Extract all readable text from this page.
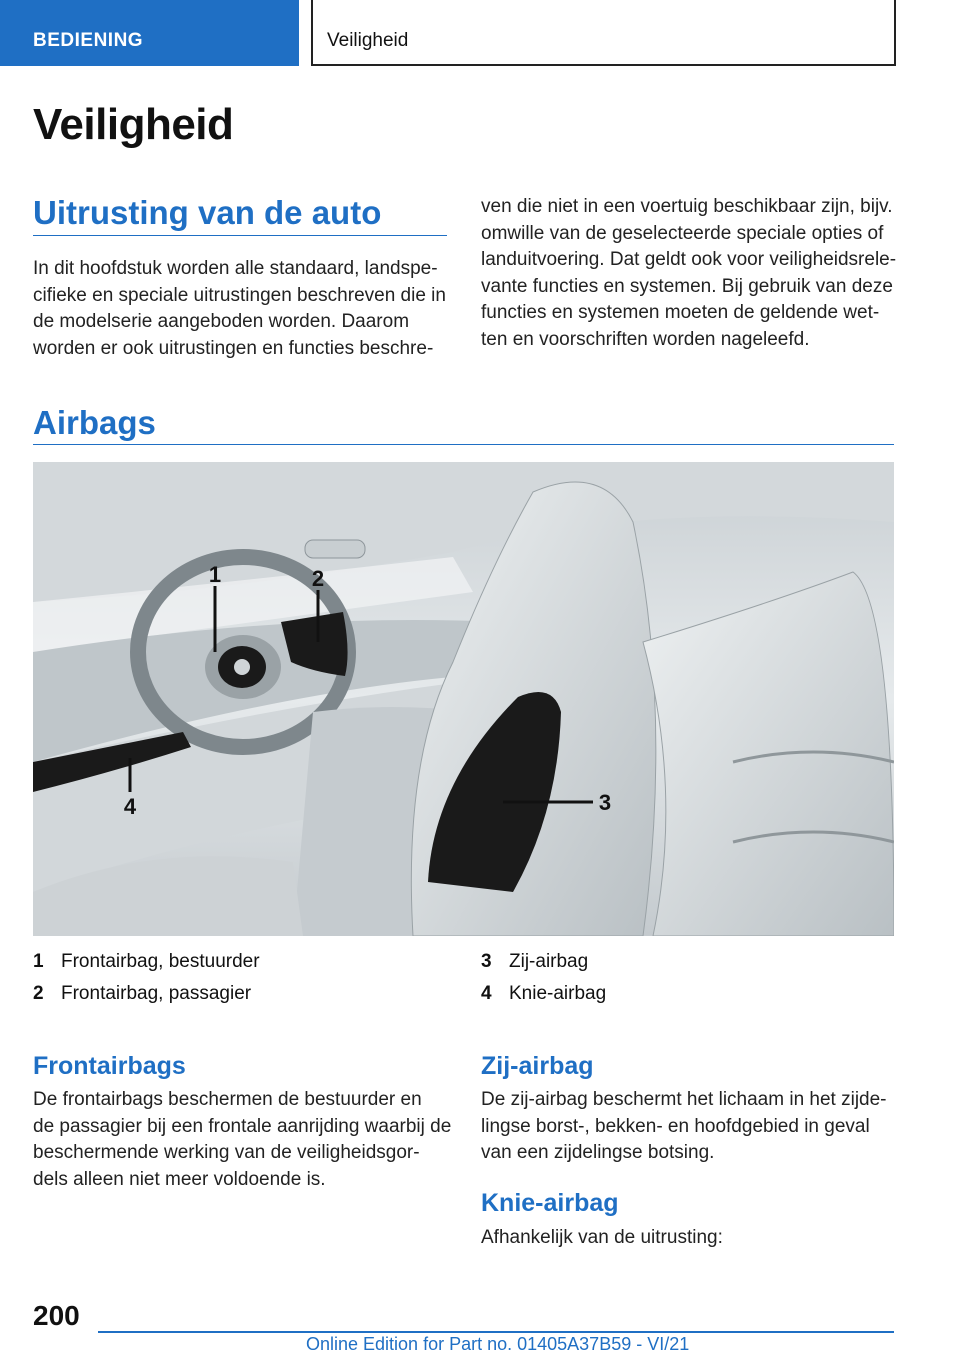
BEDIENING	Veiligheid
Veiligheid
Uitrusting van de auto
In dit hoofdstuk worden alle standaard, landspe-
cifieke en speciale uitrustingen beschreven die in
de modelserie aangeboden worden. Daarom
worden er ook uitrustingen en functies beschre-
ven die niet in een voertuig beschikbaar zijn, bijv.
omwille van de geselecteerde speciale opties of
landuitvoering. Dat geldt ook voor veiligheidsrele-
vante functies en systemen. Bij gebruik van deze
functies en systemen moeten de geldende wet-
ten en voorschriften worden nageleefd.
Airbags
1	2
3
4
1 Frontairbag, bestuurder
2 Frontairbag, passagier
3 Zij-airbag
4 Knie-airbag
Frontairbags
De frontairbags beschermen de bestuurder en
de passagier bij een frontale aanrijding waarbij de
beschermende werking van de veiligheidsgor-
dels alleen niet meer voldoende is.
Zij-airbag
De zij-airbag beschermt het lichaam in het zijde-
lingse borst-, bekken- en hoofdgebied in geval
van een zijdelingse botsing.
Knie-airbag
Afhankelijk van de uitrusting:
200
Online Edition for Part no. 01405A37B59 - VI/21
